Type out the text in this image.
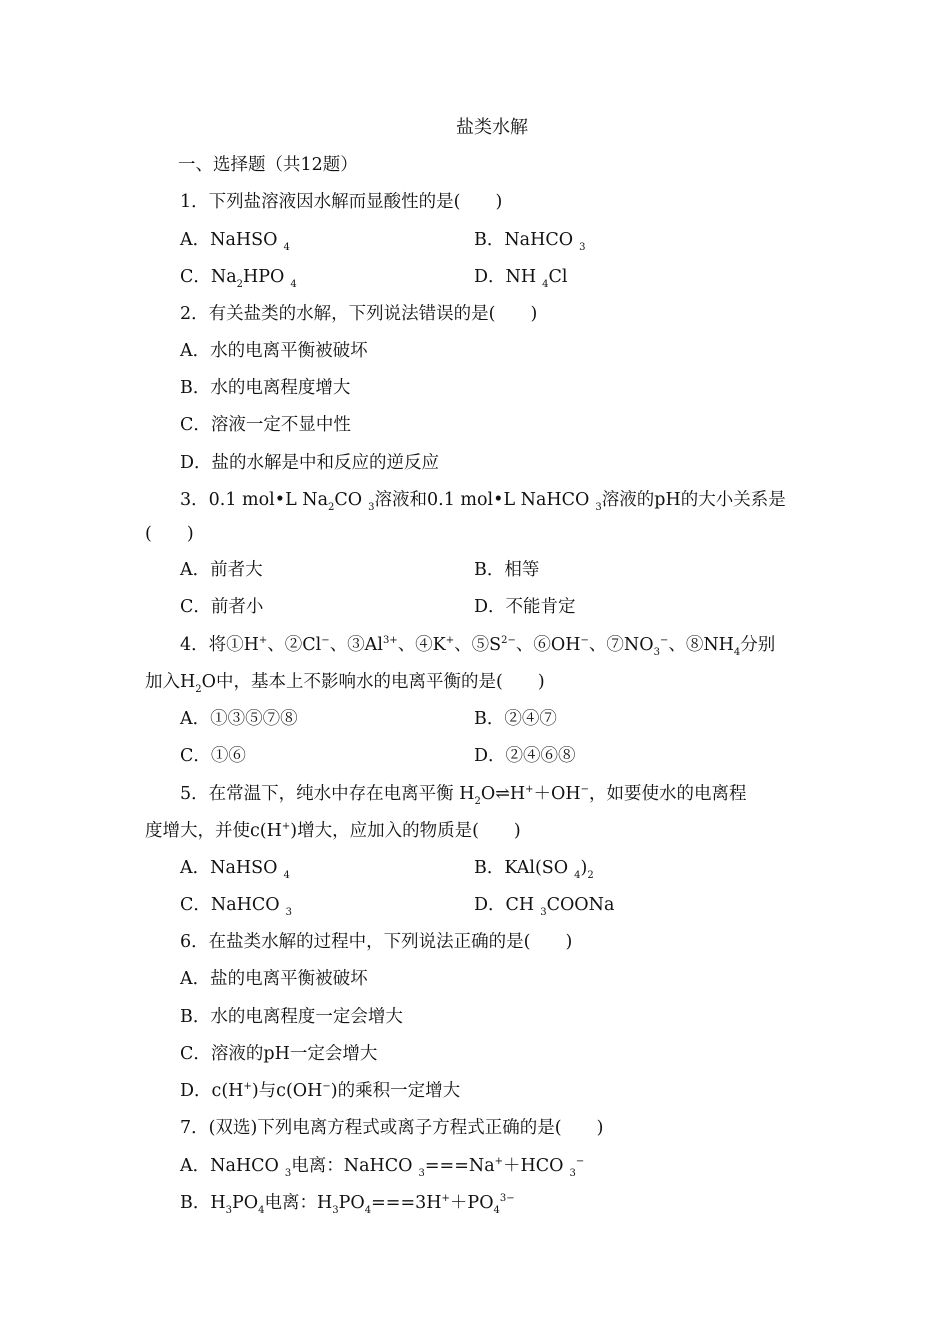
盐类水解
一、选择题（共12题）
1．下列盐溶液因水解而显酸性的是(　　)
A．NaHSO $_4$	B．NaHCO $_3$
C．$Na_2HPO$ $_4$	D．NH $_4$Cl
2．有关盐类的水解，下列说法错误的是(　　)
A．水的电离平衡被破坏
B．水的电离程度增大
C．溶液一定不显中性
D．盐的水解是中和反应的逆反应
3．0.1 mol•L $Na_2CO$ $_3$溶液和0.1 mol•L NaHCO $_3$溶液的pH的大小关系是
(　　)
A．前者大	B．相等
C．前者小	D．不能肯定
4．将①H+、②Cl−、$③Al^{3+}$、④K+、$⑤S^{2-}$、⑥OH−、$⑦NO_3^-$、$⑧NH_4$分别
加入$H_2O$中，基本上不影响水的电离平衡的是(　　)
A．①③⑤⑦⑧	B．②④⑦
C．①⑥	D．②④⑥⑧
5．在常温下，纯水中存在电离平衡 $H_2O\rightleftharpoons H^++OH^-$，如要使水的电离程
度增大，并使c(H+)增大，应加入的物质是(　　)
A．NaHSO $_4$	B．KAl(SO $_4)_2$
C．NaHCO $_3$	D．CH $_3$COONa
6．在盐类水解的过程中，下列说法正确的是(　　)
A．盐的电离平衡被破坏
B．水的电离程度一定会增大
C．溶液的pH一定会增大
D．c(H+)与c(OH−)的乘积一定增大
7．(双选)下列电离方程式或离子方程式正确的是(　　)
A．NaHCO $_3$电离：NaHCO $_3$===Na+＋HCO $_3$−
B．$H_3PO_4$电离：$H_3PO_4===3H^++PO_4^{3-}$
